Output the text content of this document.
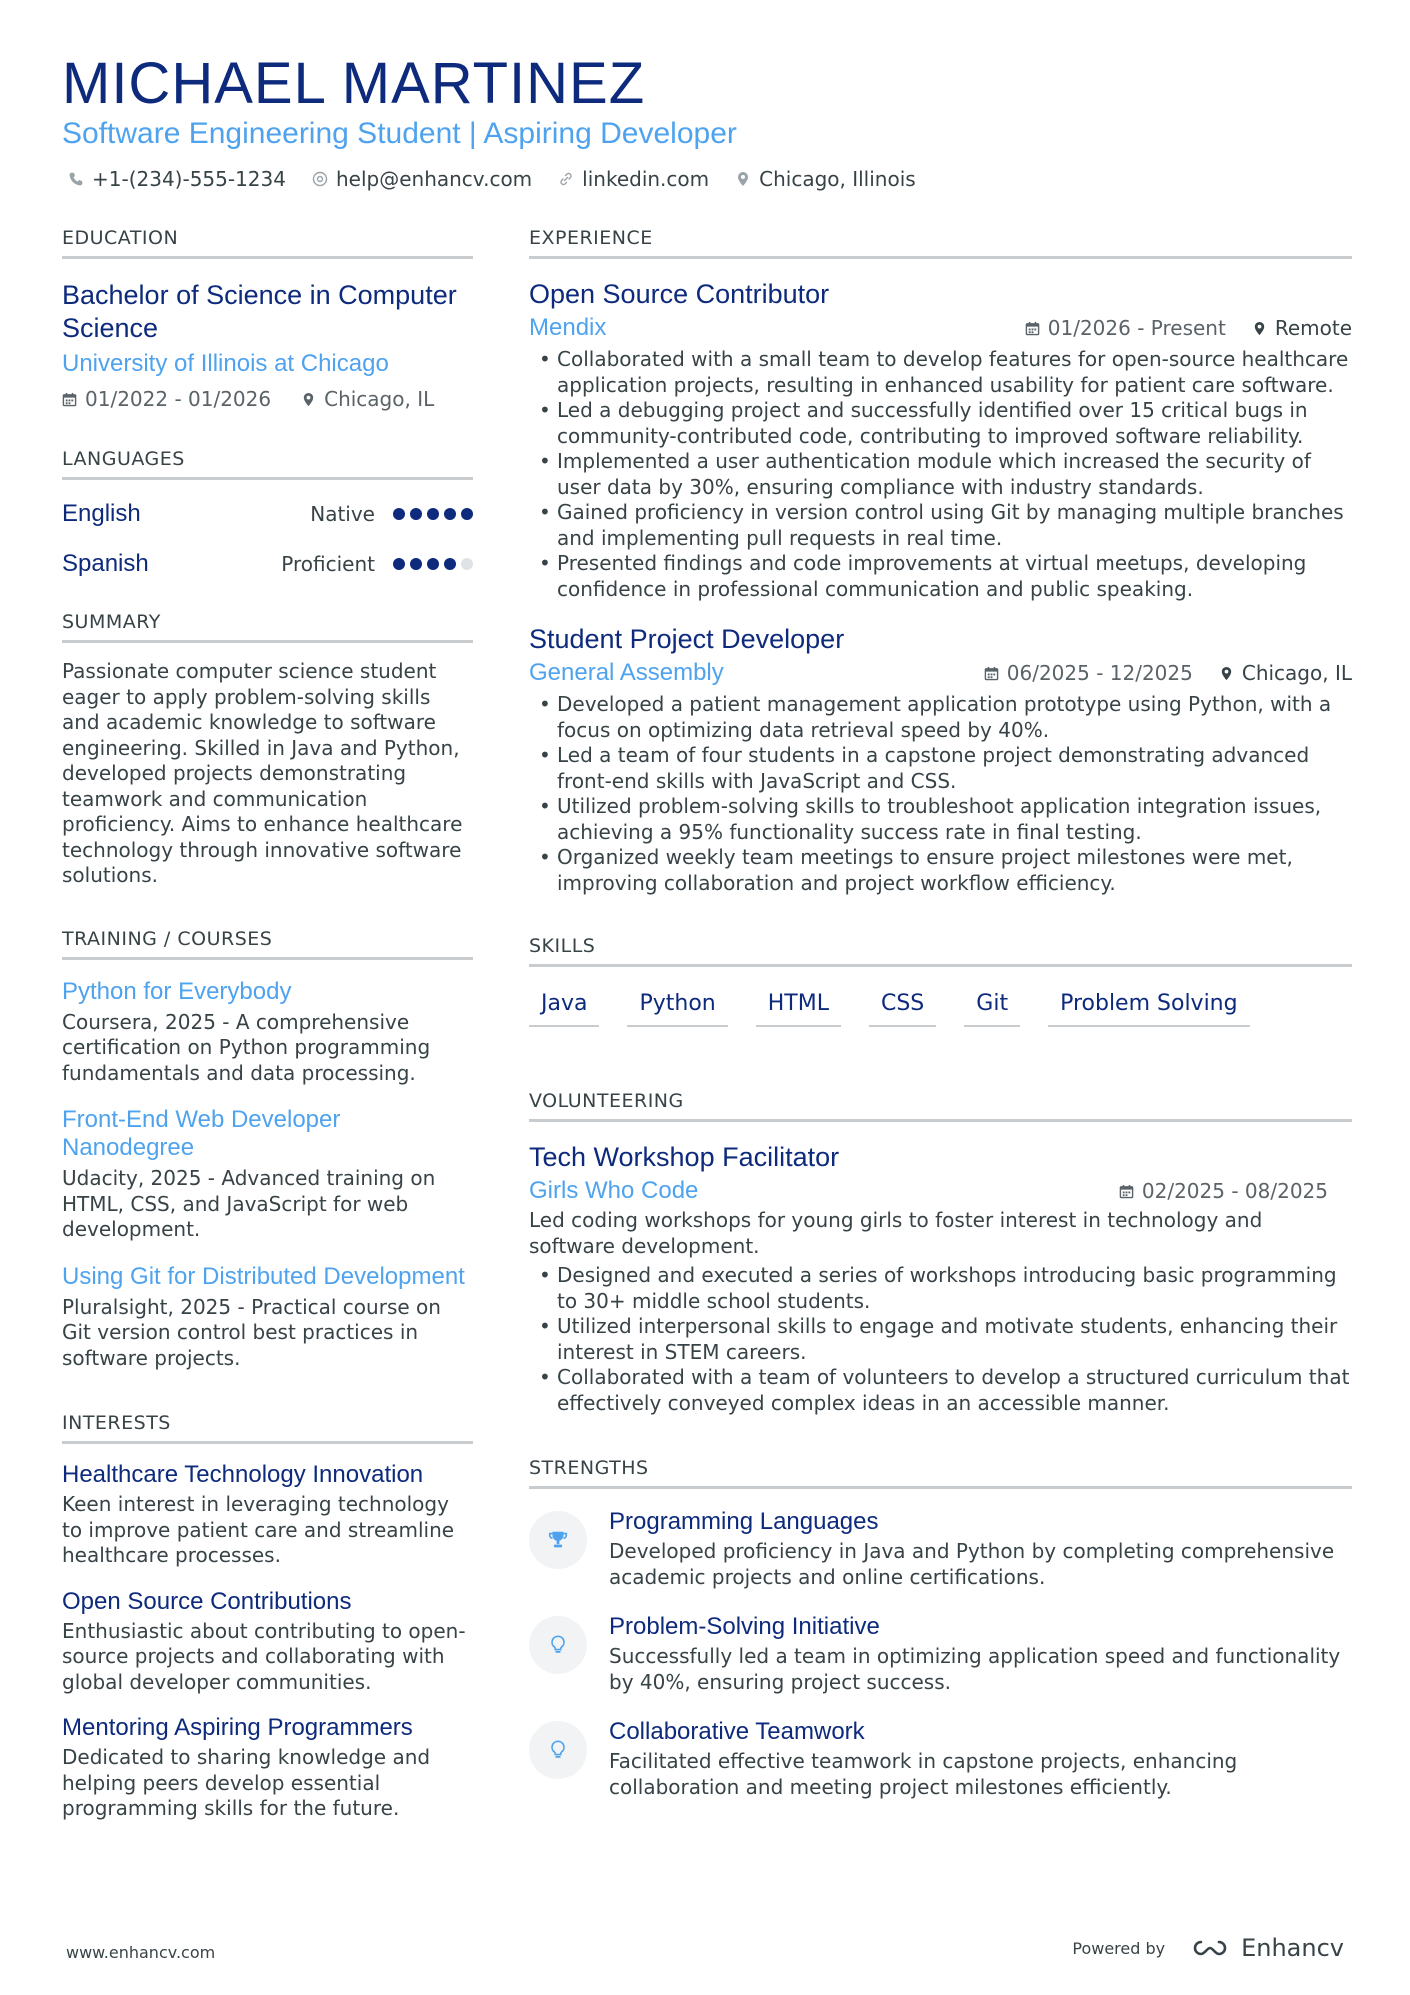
MICHAEL MARTINEZ
Software Engineering Student | Aspiring Developer
+1-(234)-555-1234	help@enhancv.com	linkedin.com	Chicago, Illinois
EDUCATION
Bachelor of Science in Computer Science
University of Illinois at Chicago
01/2022 - 01/2026	Chicago, IL
LANGUAGES
English	Native
Spanish	Proficient
SUMMARY
Passionate computer science student eager to apply problem-solving skills and academic knowledge to software engineering. Skilled in Java and Python, developed projects demonstrating teamwork and communication proficiency. Aims to enhance healthcare technology through innovative software solutions.
TRAINING / COURSES
Python for Everybody
Coursera, 2025 - A comprehensive certification on Python programming fundamentals and data processing.
Front-End Web Developer Nanodegree
Udacity, 2025 - Advanced training on HTML, CSS, and JavaScript for web development.
Using Git for Distributed Development
Pluralsight, 2025 - Practical course on Git version control best practices in software projects.
INTERESTS
Healthcare Technology Innovation
Keen interest in leveraging technology to improve patient care and streamline healthcare processes.
Open Source Contributions
Enthusiastic about contributing to open-source projects and collaborating with global developer communities.
Mentoring Aspiring Programmers
Dedicated to sharing knowledge and helping peers develop essential programming skills for the future.
EXPERIENCE
Open Source Contributor
Mendix	01/2026 - Present Remote
• Collaborated with a small team to develop features for open-source healthcare application projects, resulting in enhanced usability for patient care software.
• Led a debugging project and successfully identified over 15 critical bugs in community-contributed code, contributing to improved software reliability.
• Implemented a user authentication module which increased the security of user data by 30%, ensuring compliance with industry standards.
• Gained proficiency in version control using Git by managing multiple branches and implementing pull requests in real time.
• Presented findings and code improvements at virtual meetups, developing confidence in professional communication and public speaking.
Student Project Developer
General Assembly	06/2025 - 12/2025 Chicago, IL
• Developed a patient management application prototype using Python, with a focus on optimizing data retrieval speed by 40%.
• Led a team of four students in a capstone project demonstrating advanced front-end skills with JavaScript and CSS.
• Utilized problem-solving skills to troubleshoot application integration issues, achieving a 95% functionality success rate in final testing.
• Organized weekly team meetings to ensure project milestones were met, improving collaboration and project workflow efficiency.
SKILLS
Java	Python	HTML	CSS	Git	Problem Solving
VOLUNTEERING
Tech Workshop Facilitator
Girls Who Code	02/2025 - 08/2025
Led coding workshops for young girls to foster interest in technology and software development.
• Designed and executed a series of workshops introducing basic programming to 30+ middle school students.
• Utilized interpersonal skills to engage and motivate students, enhancing their interest in STEM careers.
• Collaborated with a team of volunteers to develop a structured curriculum that effectively conveyed complex ideas in an accessible manner.
STRENGTHS
Programming Languages
Developed proficiency in Java and Python by completing comprehensive academic projects and online certifications.
Problem-Solving Initiative
Successfully led a team in optimizing application speed and functionality by 40%, ensuring project success.
Collaborative Teamwork
Facilitated effective teamwork in capstone projects, enhancing collaboration and meeting project milestones efficiently.
www.enhancv.com	Powered by	Enhancv
